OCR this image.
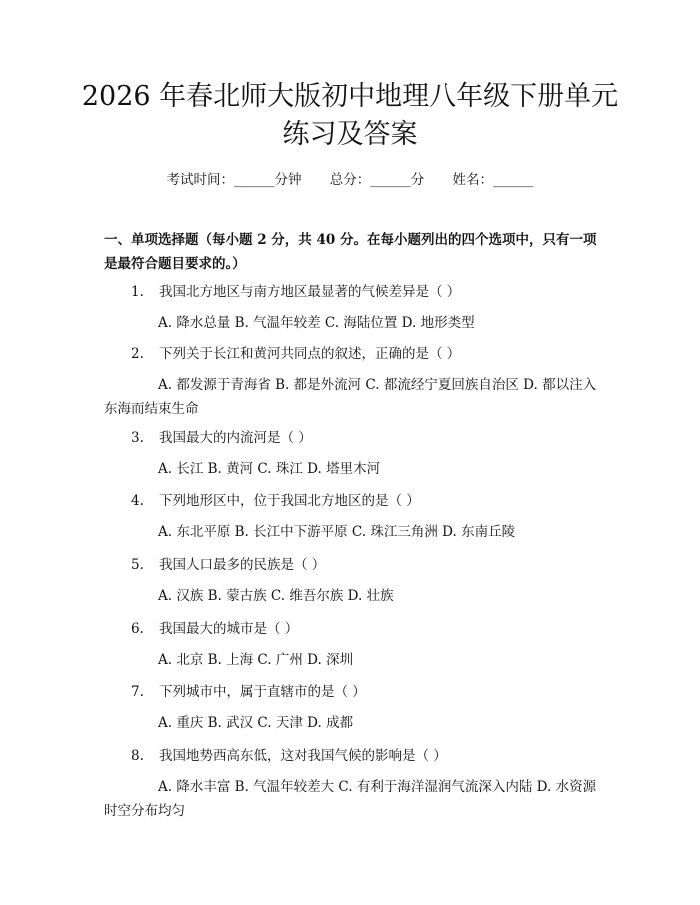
2026 年春北师大版初中地理八年级下册单元
练习及答案
考试时间：______分钟 总分：______分 姓名：______
一、单项选择题（每小题 2 分，共 40 分。在每小题列出的四个选项中，只有一项是最符合题目要求的。）
1. 我国北方地区与南方地区最显著的气候差异是（ ）
A. 降水总量 B. 气温年较差 C. 海陆位置 D. 地形类型
2. 下列关于长江和黄河共同点的叙述，正确的是（ ）
A. 都发源于青海省 B. 都是外流河 C. 都流经宁夏回族自治区 D. 都以注入东海而结束生命
3. 我国最大的内流河是（ ）
A. 长江 B. 黄河 C. 珠江 D. 塔里木河
4. 下列地形区中，位于我国北方地区的是（ ）
A. 东北平原 B. 长江中下游平原 C. 珠江三角洲 D. 东南丘陵
5. 我国人口最多的民族是（ ）
A. 汉族 B. 蒙古族 C. 维吾尔族 D. 壮族
6. 我国最大的城市是（ ）
A. 北京 B. 上海 C. 广州 D. 深圳
7. 下列城市中，属于直辖市的是（ ）
A. 重庆 B. 武汉 C. 天津 D. 成都
8. 我国地势西高东低，这对我国气候的影响是（ ）
A. 降水丰富 B. 气温年较差大 C. 有利于海洋湿润气流深入内陆 D. 水资源时空分布均匀
